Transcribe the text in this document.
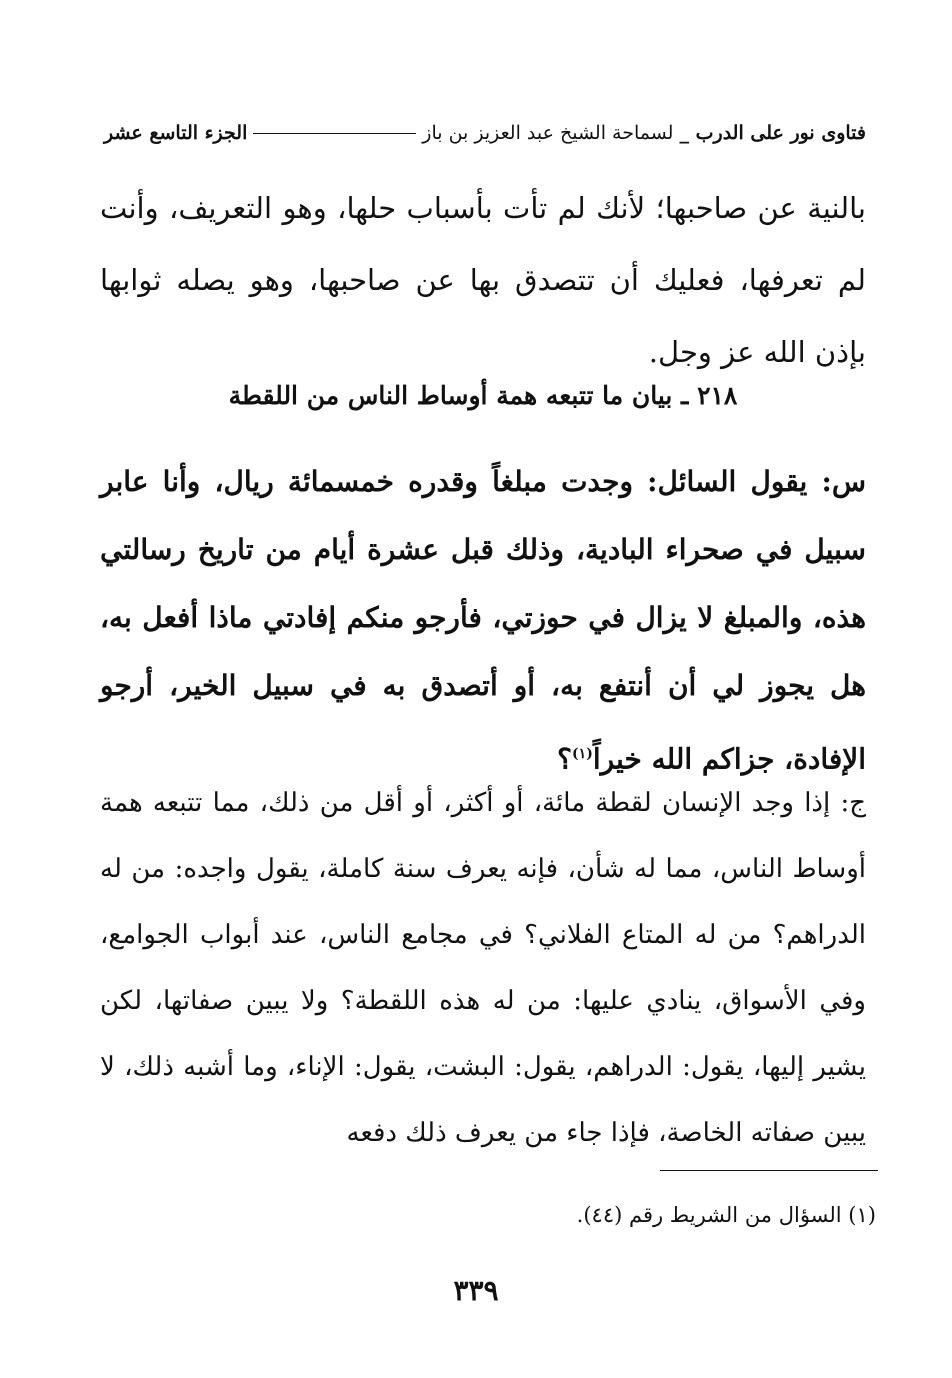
فتاوى نور على الدرب _ لسماحة الشيخ عبد العزيز بن باز
الجزء التاسع عشر

بالنية عن صاحبها؛ لأنك لم تأت بأسباب حلها، وهو التعريف، وأنت لم تعرفها، فعليك أن تتصدق بها عن صاحبها، وهو يصله ثوابها بإذن الله عز وجل.

٢١٨ ـ بيان ما تتبعه همة أوساط الناس من اللقطة

س: يقول السائل: وجدت مبلغاً وقدره خمسمائة ريال، وأنا عابر سبيل في صحراء البادية، وذلك قبل عشرة أيام من تاريخ رسالتي هذه، والمبلغ لا يزال في حوزتي، فأرجو منكم إفادتي ماذا أفعل به، هل يجوز لي أن أنتفع به، أو أتصدق به في سبيل الخير، أرجو الإفادة، جزاكم الله خيراً$^{(١)}$؟

ج: إذا وجد الإنسان لقطة مائة، أو أكثر، أو أقل من ذلك، مما تتبعه همة أوساط الناس، مما له شأن، فإنه يعرف سنة كاملة، يقول واجده: من له الدراهم؟ من له المتاع الفلاني؟ في مجامع الناس، عند أبواب الجوامع، وفي الأسواق، ينادي عليها: من له هذه اللقطة؟ ولا يبين صفاتها، لكن يشير إليها، يقول: الدراهم، يقول: البشت، يقول: الإناء، وما أشبه ذلك، لا يبين صفاته الخاصة، فإذا جاء من يعرف ذلك دفعه

(١) السؤال من الشريط رقم (٤٤).
٣٣٩
